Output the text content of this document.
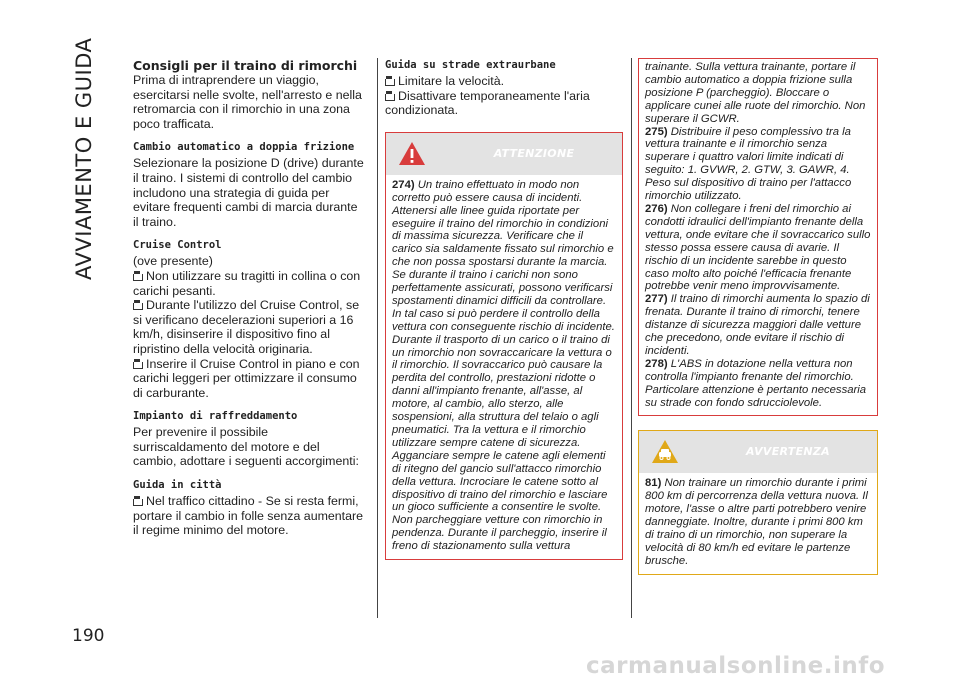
AVVIAMENTO E GUIDA
190
Consigli per il traino di rimorchi

Prima di intraprendere un viaggio, esercitarsi nelle svolte, nell'arresto e nella retromarcia con il rimorchio in una zona poco trafficata.

Cambio automatico a doppia frizione

Selezionare la posizione D (drive) durante il traino. I sistemi di controllo del cambio includono una strategia di guida per evitare frequenti cambi di marcia durante il traino.

Cruise Control

(ove presente)

Non utilizzare su tragitti in collina o con carichi pesanti.

Durante l'utilizzo del Cruise Control, se si verificano decelerazioni superiori a 16 km/h, disinserire il dispositivo fino al ripristino della velocità originaria.

Inserire il Cruise Control in piano e con carichi leggeri per ottimizzare il consumo di carburante.

Impianto di raffreddamento

Per prevenire il possibile surriscaldamento del motore e del cambio, adottare i seguenti accorgimenti:

Guida in città

Nel traffico cittadino - Se si resta fermi, portare il cambio in folle senza aumentare il regime minimo del motore.

Guida su strade extraurbane

Limitare la velocità.

Disattivare temporaneamente l'aria condizionata.

ATTENZIONE
274) Un traino effettuato in modo non corretto può essere causa di incidenti. Attenersi alle linee guida riportate per eseguire il traino del rimorchio in condizioni di massima sicurezza. Verificare che il carico sia saldamente fissato sul rimorchio e che non possa spostarsi durante la marcia. Se durante il traino i carichi non sono perfettamente assicurati, possono verificarsi spostamenti dinamici difficili da controllare. In tal caso si può perdere il controllo della vettura con conseguente rischio di incidente. Durante il trasporto di un carico o il traino di un rimorchio non sovraccaricare la vettura o il rimorchio. Il sovraccarico può causare la perdita del controllo, prestazioni ridotte o danni all'impianto frenante, all'asse, al motore, al cambio, allo sterzo, alle sospensioni, alla struttura del telaio o agli pneumatici. Tra la vettura e il rimorchio utilizzare sempre catene di sicurezza. Agganciare sempre le catene agli elementi di ritegno del gancio sull'attacco rimorchio della vettura. Incrociare le catene sotto al dispositivo di traino del rimorchio e lasciare un gioco sufficiente a consentire le svolte. Non parcheggiare vetture con rimorchio in pendenza. Durante il parcheggio, inserire il freno di stazionamento sulla vettura

trainante. Sulla vettura trainante, portare il cambio automatico a doppia frizione sulla posizione P (parcheggio). Bloccare o applicare cunei alle ruote del rimorchio. Non superare il GCWR.

275) Distribuire il peso complessivo tra la vettura trainante e il rimorchio senza superare i quattro valori limite indicati di seguito: 1. GVWR, 2. GTW, 3. GAWR, 4. Peso sul dispositivo di traino per l'attacco rimorchio utilizzato.

276) Non collegare i freni del rimorchio ai condotti idraulici dell'impianto frenante della vettura, onde evitare che il sovraccarico sullo stesso possa essere causa di avarie. Il rischio di un incidente sarebbe in questo caso molto alto poiché l'efficacia frenante potrebbe venir meno improvvisamente.

277) Il traino di rimorchi aumenta lo spazio di frenata. Durante il traino di rimorchi, tenere distanze di sicurezza maggiori dalle vetture che precedono, onde evitare il rischio di incidenti.

278) L'ABS in dotazione nella vettura non controlla l'impianto frenante del rimorchio. Particolare attenzione è pertanto necessaria su strade con fondo sdrucciolevole.

AVVERTENZA
81) Non trainare un rimorchio durante i primi 800 km di percorrenza della vettura nuova. Il motore, l'asse o altre parti potrebbero venire danneggiate. Inoltre, durante i primi 800 km di traino di un rimorchio, non superare la velocità di 80 km/h ed evitare le partenze brusche.
carmanualsonline.info
